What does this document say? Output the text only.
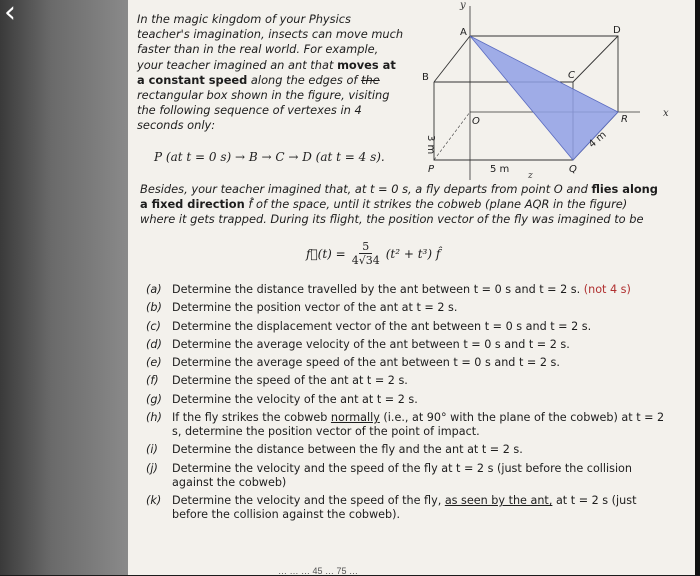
‹	In the magic kingdom of your Physics teacher's imagination, insects can move much faster than in the real world. For example, your teacher imagined an ant that moves at a constant speed along the edges of the rectangular box shown in the figure, visiting the following sequence of vertexes in 4 seconds only:
P (at t = 0 s) → B → C → D (at t = 4 s).
y
x
z
A
B	C
D
O
P	Q
R
3 m	4 m
5 m
Besides, your teacher imagined that, at t = 0 s, a fly departs from point O and flies along a fixed direction f̂ of the space, until it strikes the cobweb (plane AQR in the figure) where it gets trapped. During its flight, the position vector of the fly was imagined to be
f⃗(t) = $\frac{5}{4√34} (t^2 + t^3)$ f̂
(a) Determine the distance travelled by the ant between t = 0 s and t = 2 s. (not 4 s)
(b) Determine the position vector of the ant at t = 2 s.
(c) Determine the displacement vector of the ant between t = 0 s and t = 2 s.
(d) Determine the average velocity of the ant between t = 0 s and t = 2 s.
(e) Determine the average speed of the ant between t = 0 s and t = 2 s.
(f)	Determine the speed of the ant at t = 2 s.
(g) Determine the velocity of the ant at t = 2 s.
(h) If the fly strikes the cobweb normally (i.e., at 90° with the plane of the cobweb) at t = 2 s, determine the position vector of the point of impact.
(i)	Determine the distance between the fly and the ant at t = 2 s.
(j)	Determine the velocity and the speed of the fly at t = 2 s (just before the collision against the cobweb)
(k) Determine the velocity and the speed of the fly, as seen by the ant, at t = 2 s (just before the collision against the cobweb).
… … … 45 … 75 …
